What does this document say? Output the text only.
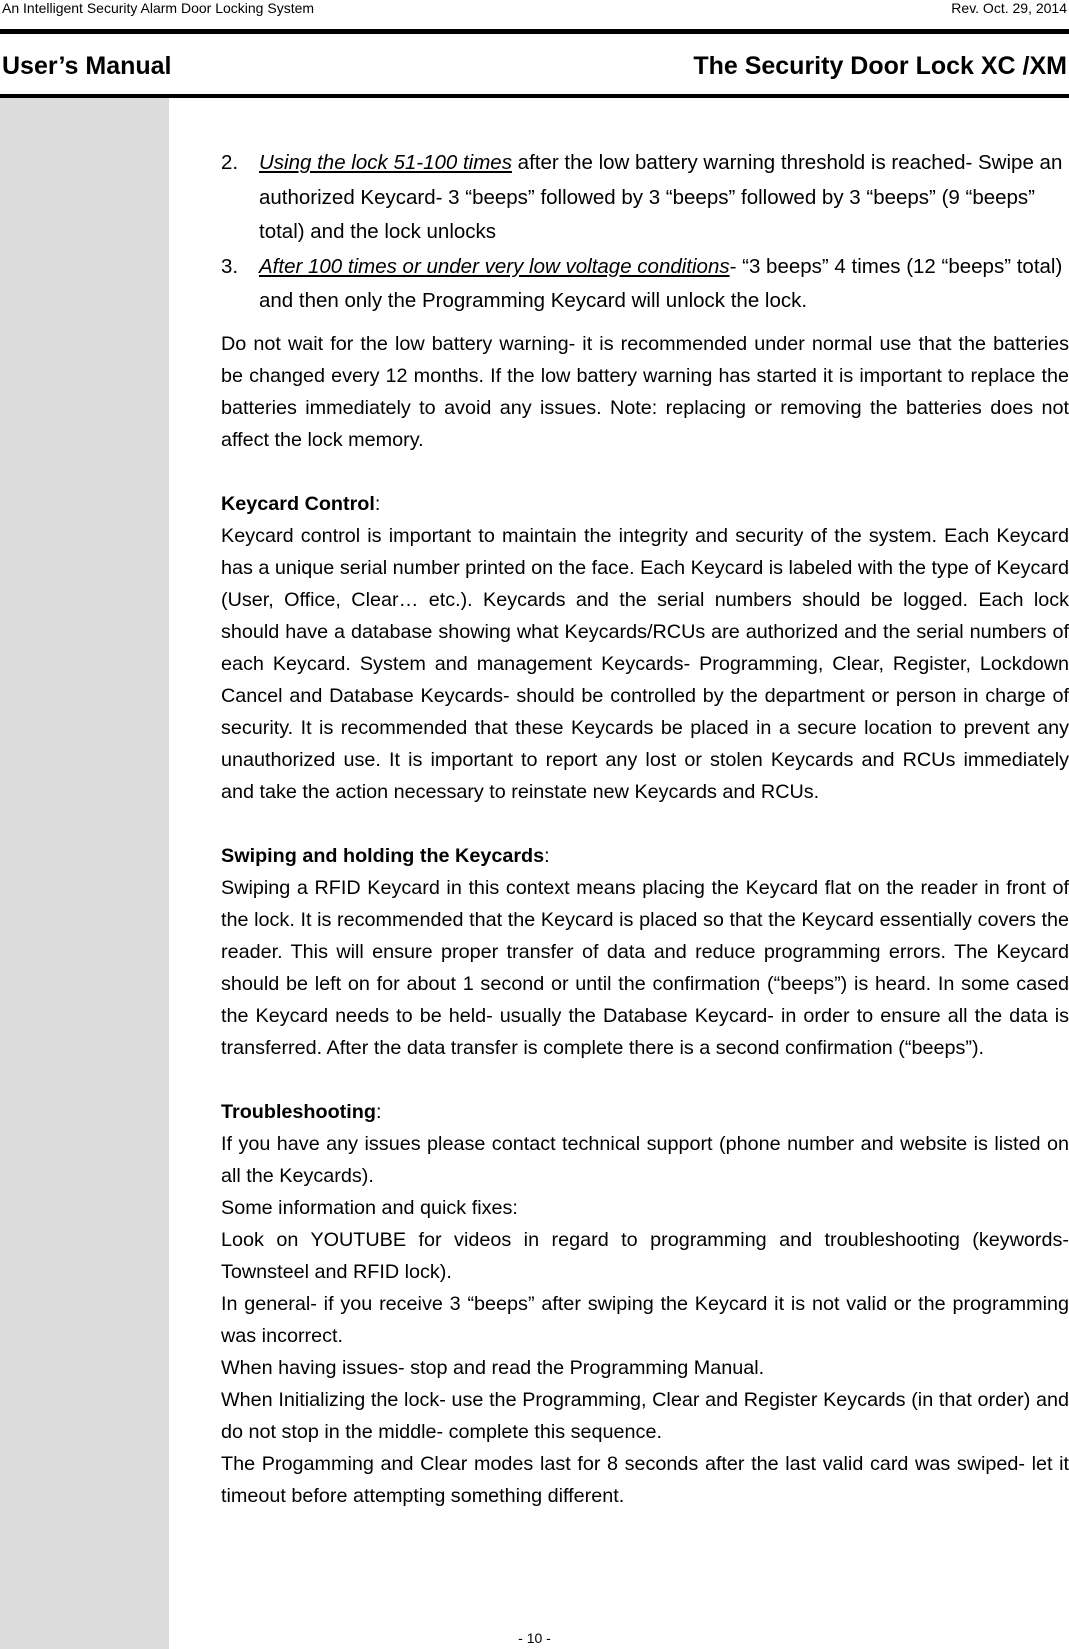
An Intelligent Security Alarm Door Locking System	Rev. Oct. 29, 2014
User’s Manual	The Security Door Lock XC /XM

2. Using the lock 51-100 times after the low battery warning threshold is reached- Swipe an authorized Keycard- 3 “beeps” followed by 3 “beeps” followed by 3 “beeps” (9 “beeps” total) and the lock unlocks

3. After 100 times or under very low voltage conditions- “3 beeps” 4 times (12 “beeps” total) and then only the Programming Keycard will unlock the lock.

Do not wait for the low battery warning- it is recommended under normal use that the batteries be changed every 12 months. If the low battery warning has started it is important to replace the batteries immediately to avoid any issues. Note: replacing or removing the batteries does not affect the lock memory.

Keycard Control:

Keycard control is important to maintain the integrity and security of the system. Each Keycard has a unique serial number printed on the face. Each Keycard is labeled with the type of Keycard (User, Office, Clear… etc.). Keycards and the serial numbers should be logged. Each lock should have a database showing what Keycards/RCUs are authorized and the serial numbers of each Keycard. System and management Keycards- Programming, Clear, Register, Lockdown Cancel and Database Keycards- should be controlled by the department or person in charge of security. It is recommended that these Keycards be placed in a secure location to prevent any unauthorized use. It is important to report any lost or stolen Keycards and RCUs immediately and take the action necessary to reinstate new Keycards and RCUs.

Swiping and holding the Keycards:

Swiping a RFID Keycard in this context means placing the Keycard flat on the reader in front of the lock. It is recommended that the Keycard is placed so that the Keycard essentially covers the reader. This will ensure proper transfer of data and reduce programming errors. The Keycard should be left on for about 1 second or until the confirmation (“beeps”) is heard. In some cased the Keycard needs to be held- usually the Database Keycard- in order to ensure all the data is transferred. After the data transfer is complete there is a second confirmation (“beeps”).

Troubleshooting:

If you have any issues please contact technical support (phone number and website is listed on all the Keycards).

Some information and quick fixes:

Look on YOUTUBE for videos in regard to programming and troubleshooting (keywords- Townsteel and RFID lock).

In general- if you receive 3 “beeps” after swiping the Keycard it is not valid or the programming was incorrect.

When having issues- stop and read the Programming Manual.

When Initializing the lock- use the Programming, Clear and Register Keycards (in that order) and do not stop in the middle- complete this sequence.

The Progamming and Clear modes last for 8 seconds after the last valid card was swiped- let it timeout before attempting something different.

- 10 -
